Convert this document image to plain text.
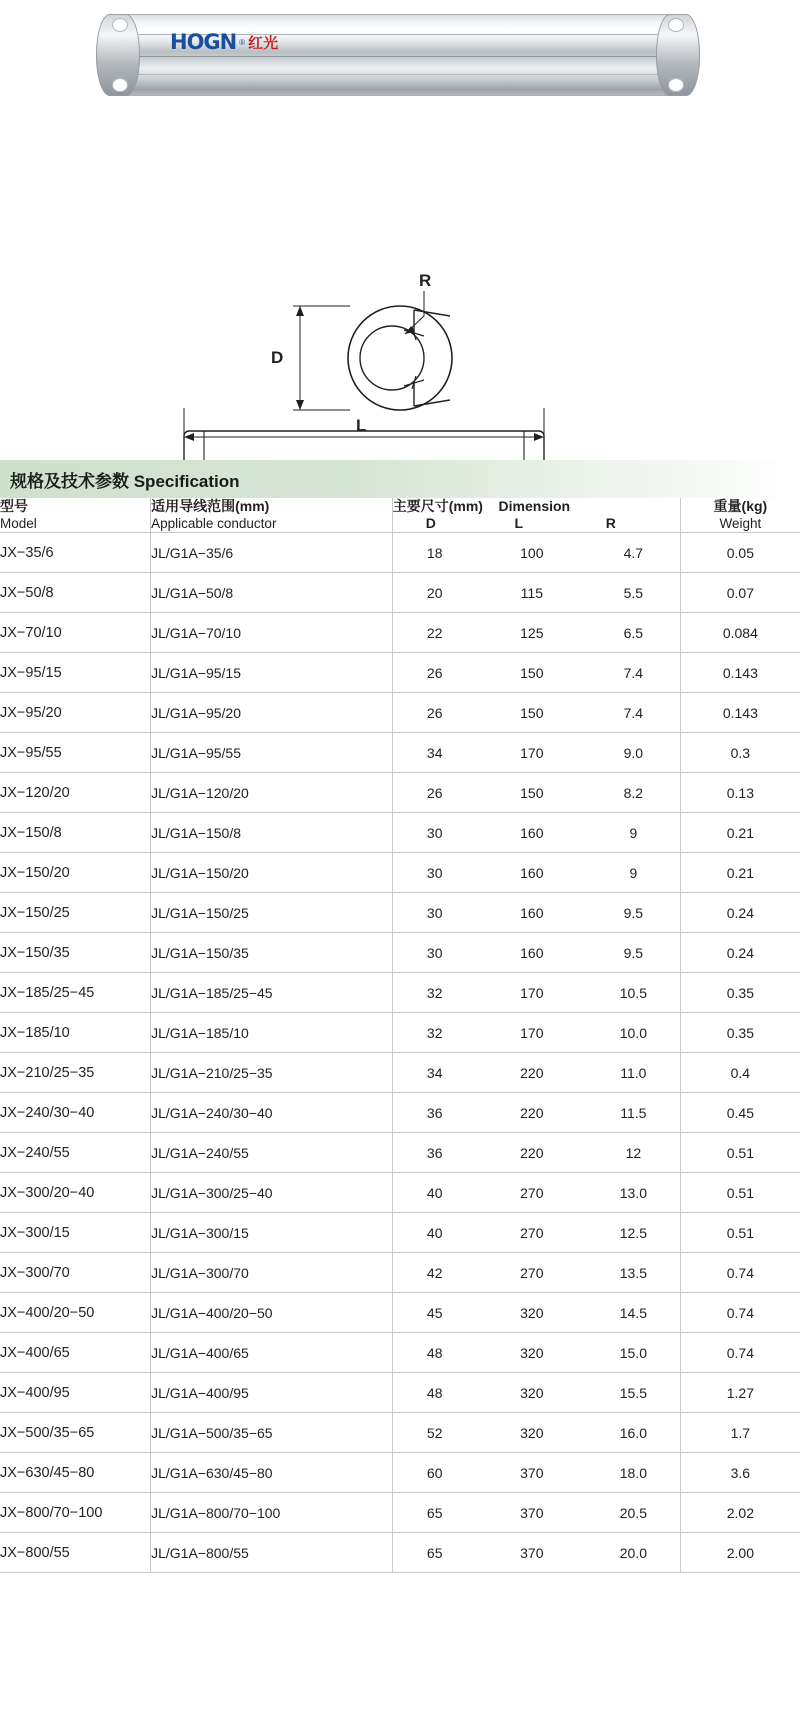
HOGN ® 红光
D
R
L
规格及技术参数 Specification
型号
Model

适用导线范围(mm)
Applicable conductor

主要尺寸(mm) Dimension
D	L	R

重量(kg)
Weight

JX−35/6	JL/G1A−35/6	18	100	4.7	0.05
JX−50/8	JL/G1A−50/8	20	115	5.5	0.07
JX−70/10	JL/G1A−70/10	22	125	6.5	0.084
JX−95/15	JL/G1A−95/15	26	150	7.4	0.143
JX−95/20	JL/G1A−95/20	26	150	7.4	0.143
JX−95/55	JL/G1A−95/55	34	170	9.0	0.3
JX−120/20	JL/G1A−120/20	26	150	8.2	0.13
JX−150/8	JL/G1A−150/8	30	160	9	0.21
JX−150/20	JL/G1A−150/20	30	160	9	0.21
JX−150/25	JL/G1A−150/25	30	160	9.5	0.24
JX−150/35	JL/G1A−150/35	30	160	9.5	0.24
JX−185/25−45	JL/G1A−185/25−45	32	170	10.5	0.35
JX−185/10	JL/G1A−185/10	32	170	10.0	0.35
JX−210/25−35	JL/G1A−210/25−35	34	220	11.0	0.4
JX−240/30−40	JL/G1A−240/30−40	36	220	11.5	0.45
JX−240/55	JL/G1A−240/55	36	220	12	0.51
JX−300/20−40	JL/G1A−300/25−40	40	270	13.0	0.51
JX−300/15	JL/G1A−300/15	40	270	12.5	0.51
JX−300/70	JL/G1A−300/70	42	270	13.5	0.74
JX−400/20−50	JL/G1A−400/20−50	45	320	14.5	0.74
JX−400/65	JL/G1A−400/65	48	320	15.0	0.74
JX−400/95	JL/G1A−400/95	48	320	15.5	1.27
JX−500/35−65	JL/G1A−500/35−65	52	320	16.0	1.7
JX−630/45−80	JL/G1A−630/45−80	60	370	18.0	3.6
JX−800/70−100	JL/G1A−800/70−100	65	370	20.5	2.02
JX−800/55	JL/G1A−800/55	65	370	20.0	2.00
